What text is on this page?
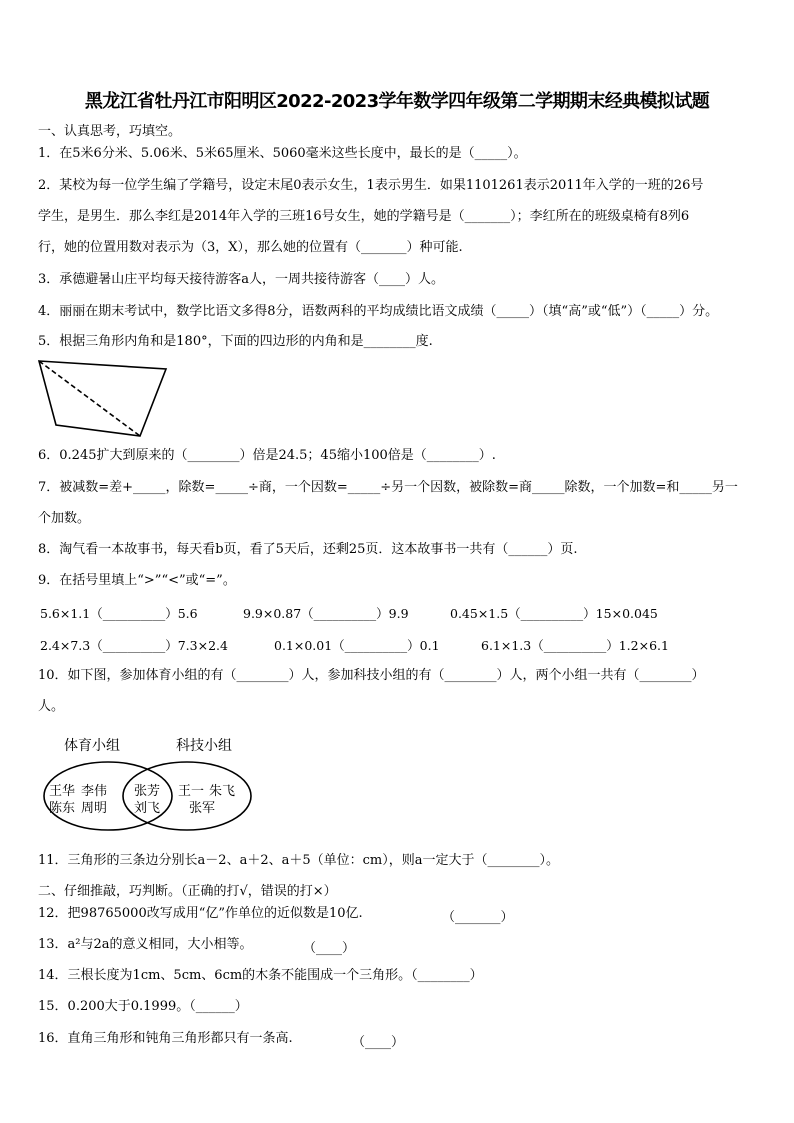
黑龙江省牡丹江市阳明区2022-2023学年数学四年级第二学期期末经典模拟试题
一、认真思考，巧填空。
1．在5米6分米、5.06米、5米65厘米、5060毫米这些长度中，最长的是（_____）。
2．某校为每一位学生编了学籍号，设定末尾0表示女生，1表示男生．如果1101261表示2011年入学的一班的26号
学生，是男生．那么李红是2014年入学的三班16号女生，她的学籍号是（_______）；李红所在的班级桌椅有8列6
行，她的位置用数对表示为（3，X），那么她的位置有（_______）种可能.
3．承德避暑山庄平均每天接待游客a人，一周共接待游客（____）人。
4．丽丽在期末考试中，数学比语文多得8分，语数两科的平均成绩比语文成绩（_____）（填“高”或“低”）（_____）分。
5．根据三角形内角和是180°，下面的四边形的内角和是________度.
6．0.245扩大到原来的（________）倍是24.5；45缩小100倍是（________）.
7．被减数=差+_____，除数=_____÷商，一个因数=_____÷另一个因数，被除数=商_____除数，一个加数=和_____另一
个加数。
8．淘气看一本故事书，每天看b页，看了5天后，还剩25页．这本故事书一共有（______）页.
9．在括号里填上“>”“<”或“=”。
5.6×1.1（__________）5.6	9.9×0.87（__________）9.9	0.45×1.5（__________）15×0.045
2.4×7.3（__________）7.3×2.4	0.1×0.01（__________）0.1	6.1×1.3（__________）1.2×6.1
10．如下图，参加体育小组的有（________）人，参加科技小组的有（________）人，两个小组一共有（________）
人。
体育小组	科技小组
王华 李伟
陈东 周明
张芳
刘飞
王一 朱飞
张军
11．三角形的三条边分别长a－2、a＋2、a＋5（单位：cm），则a一定大于（________）。
二、仔细推敲，巧判断。（正确的打√，错误的打×）
12．把98765000改写成用“亿”作单位的近似数是10亿.	（_______）
13．a²与2a的意义相同，大小相等。	（____）
14．三根长度为1cm、5cm、6cm的木条不能围成一个三角形。（________）
15．0.200大于0.1999。（______）
16．直角三角形和钝角三角形都只有一条高.	（____）
